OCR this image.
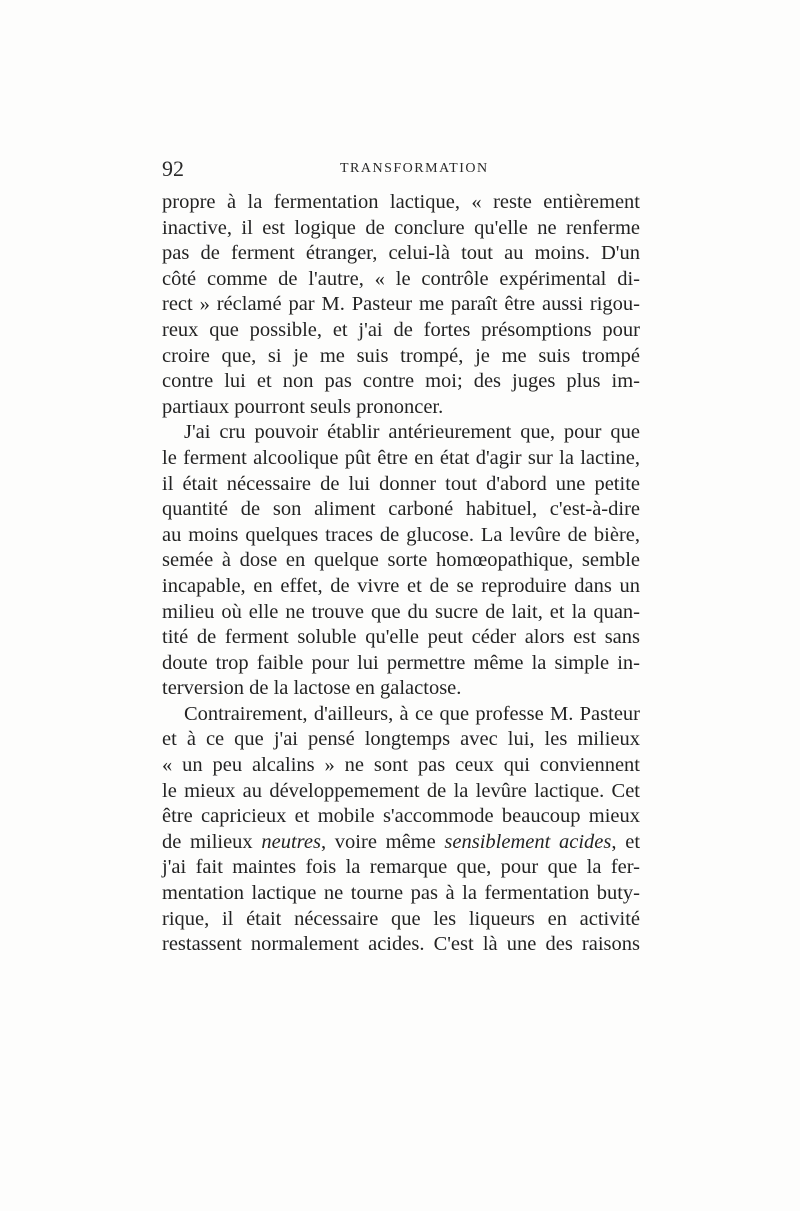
92	TRANSFORMATION
propre à la fermentation lactique, « reste entièrement
inactive, il est logique de conclure qu'elle ne renferme
pas de ferment étranger, celui-là tout au moins. D'un
côté comme de l'autre, « le contrôle expérimental di-
rect » réclamé par M. Pasteur me paraît être aussi rigou-
reux que possible, et j'ai de fortes présomptions pour
croire que, si je me suis trompé, je me suis trompé
contre lui et non pas contre moi; des juges plus im-
partiaux pourront seuls prononcer.
J'ai cru pouvoir établir antérieurement que, pour que
le ferment alcoolique pût être en état d'agir sur la lactine,
il était nécessaire de lui donner tout d'abord une petite
quantité de son aliment carboné habituel, c'est-à-dire
au moins quelques traces de glucose. La levûre de bière,
semée à dose en quelque sorte homœopathique, semble
incapable, en effet, de vivre et de se reproduire dans un
milieu où elle ne trouve que du sucre de lait, et la quan-
tité de ferment soluble qu'elle peut céder alors est sans
doute trop faible pour lui permettre même la simple in-
terversion de la lactose en galactose.
Contrairement, d'ailleurs, à ce que professe M. Pasteur
et à ce que j'ai pensé longtemps avec lui, les milieux
« un peu alcalins » ne sont pas ceux qui conviennent
le mieux au développemement de la levûre lactique. Cet
être capricieux et mobile s'accommode beaucoup mieux
de milieux neutres, voire même sensiblement acides, et
j'ai fait maintes fois la remarque que, pour que la fer-
mentation lactique ne tourne pas à la fermentation buty-
rique, il était nécessaire que les liqueurs en activité
restassent normalement acides. C'est là une des raisons
